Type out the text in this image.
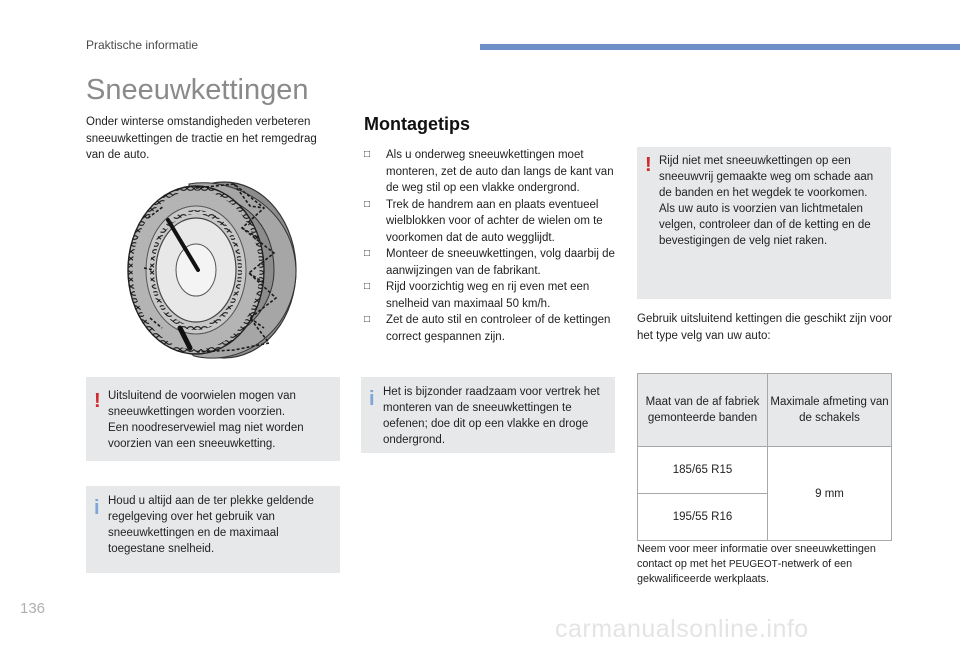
Praktische informatie
Sneeuwkettingen
Onder winterse omstandigheden verbeteren sneeuwkettingen de tractie en het remgedrag van de auto.
! Uitsluitend de voorwielen mogen van sneeuwkettingen worden voorzien.
Een noodreservewiel mag niet worden voorzien van een sneeuwketting.
i Houd u altijd aan de ter plekke geldende regelgeving over het gebruik van sneeuwkettingen en de maximaal toegestane snelheid.
Montagetips
□ Als u onderweg sneeuwkettingen moet monteren, zet de auto dan langs de kant van de weg stil op een vlakke ondergrond.
□ Trek de handrem aan en plaats eventueel wielblokken voor of achter de wielen om te voorkomen dat de auto wegglijdt.
□ Monteer de sneeuwkettingen, volg daarbij de aanwijzingen van de fabrikant.
□ Rijd voorzichtig weg en rij even met een snelheid van maximaal 50 km/h.
□ Zet de auto stil en controleer of de kettingen correct gespannen zijn.
i Het is bijzonder raadzaam voor vertrek het monteren van de sneeuwkettingen te oefenen; doe dit op een vlakke en droge ondergrond.
! Rijd niet met sneeuwkettingen op een sneeuwvrij gemaakte weg om schade aan de banden en het wegdek te voorkomen. Als uw auto is voorzien van lichtmetalen velgen, controleer dan of de ketting en de bevestigingen de velg niet raken.
Gebruik uitsluitend kettingen die geschikt zijn voor het type velg van uw auto:
Maat van de af fabriek gemonteerde banden	Maximale afmeting van de schakels
185/65 R15	9 mm
195/55 R16	
Neem voor meer informatie over sneeuwkettingen contact op met het PEUGEOT-netwerk of een gekwalificeerde werkplaats.
136
carmanualsonline.info
